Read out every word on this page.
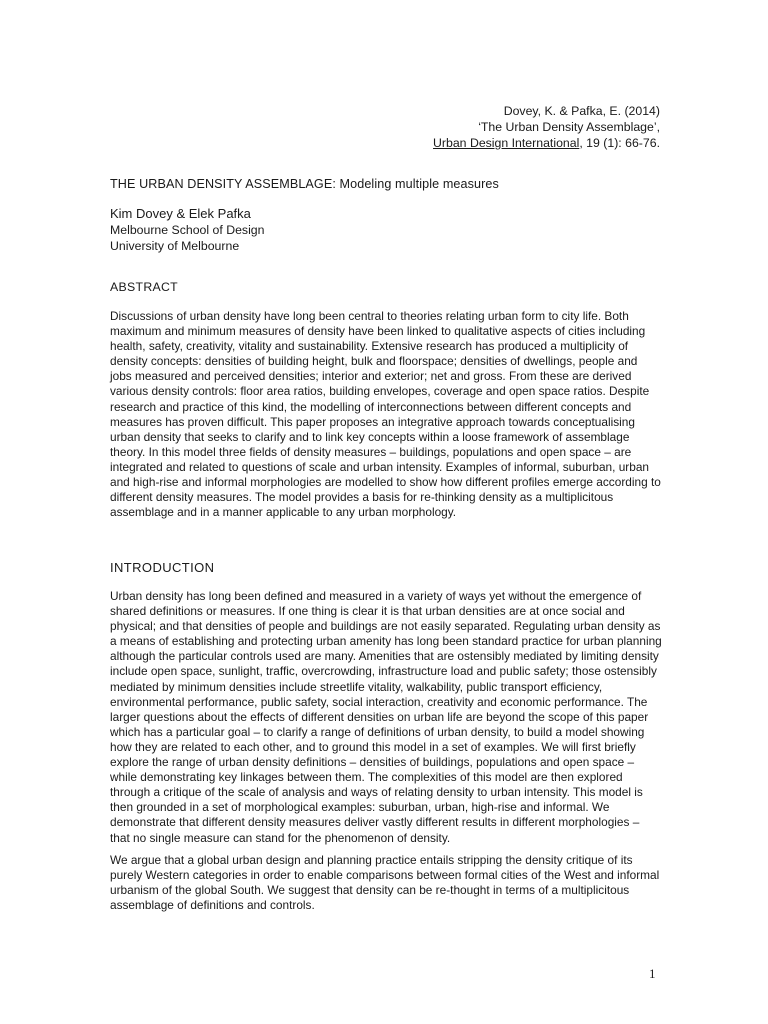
Dovey, K. & Pafka, E. (2014)
‘The Urban Density Assemblage’,
Urban Design International, 19 (1): 66-76.
THE URBAN DENSITY ASSEMBLAGE: Modeling multiple measures
Kim Dovey & Elek Pafka
Melbourne School of Design
University of Melbourne
ABSTRACT

Discussions of urban density have long been central to theories relating urban form to city life. Both maximum and minimum measures of density have been linked to qualitative aspects of cities including health, safety, creativity, vitality and sustainability. Extensive research has produced a multiplicity of density concepts: densities of building height, bulk and floorspace; densities of dwellings, people and jobs measured and perceived densities; interior and exterior; net and gross. From these are derived various density controls: floor area ratios, building envelopes, coverage and open space ratios. Despite research and practice of this kind, the modelling of interconnections between different concepts and measures has proven difficult. This paper proposes an integrative approach towards conceptualising urban density that seeks to clarify and to link key concepts within a loose framework of assemblage theory. In this model three fields of density measures – buildings, populations and open space – are integrated and related to questions of scale and urban intensity. Examples of informal, suburban, urban and high-rise and informal morphologies are modelled to show how different profiles emerge according to different density measures. The model provides a basis for re-thinking density as a multiplicitous assemblage and in a manner applicable to any urban morphology.

INTRODUCTION

Urban density has long been defined and measured in a variety of ways yet without the emergence of shared definitions or measures. If one thing is clear it is that urban densities are at once social and physical; and that densities of people and buildings are not easily separated. Regulating urban density as a means of establishing and protecting urban amenity has long been standard practice for urban planning although the particular controls used are many. Amenities that are ostensibly mediated by limiting density include open space, sunlight, traffic, overcrowding, infrastructure load and public safety; those ostensibly mediated by minimum densities include streetlife vitality, walkability, public transport efficiency, environmental performance, public safety, social interaction, creativity and economic performance. The larger questions about the effects of different densities on urban life are beyond the scope of this paper which has a particular goal – to clarify a range of definitions of urban density, to build a model showing how they are related to each other, and to ground this model in a set of examples. We will first briefly explore the range of urban density definitions – densities of buildings, populations and open space – while demonstrating key linkages between them. The complexities of this model are then explored through a critique of the scale of analysis and ways of relating density to urban intensity. This model is then grounded in a set of morphological examples: suburban, urban, high-rise and informal. We demonstrate that different density measures deliver vastly different results in different morphologies – that no single measure can stand for the phenomenon of density.

We argue that a global urban design and planning practice entails stripping the density critique of its purely Western categories in order to enable comparisons between formal cities of the West and informal urbanism of the global South. We suggest that density can be re-thought in terms of a multiplicitous assemblage of definitions and controls.

1
